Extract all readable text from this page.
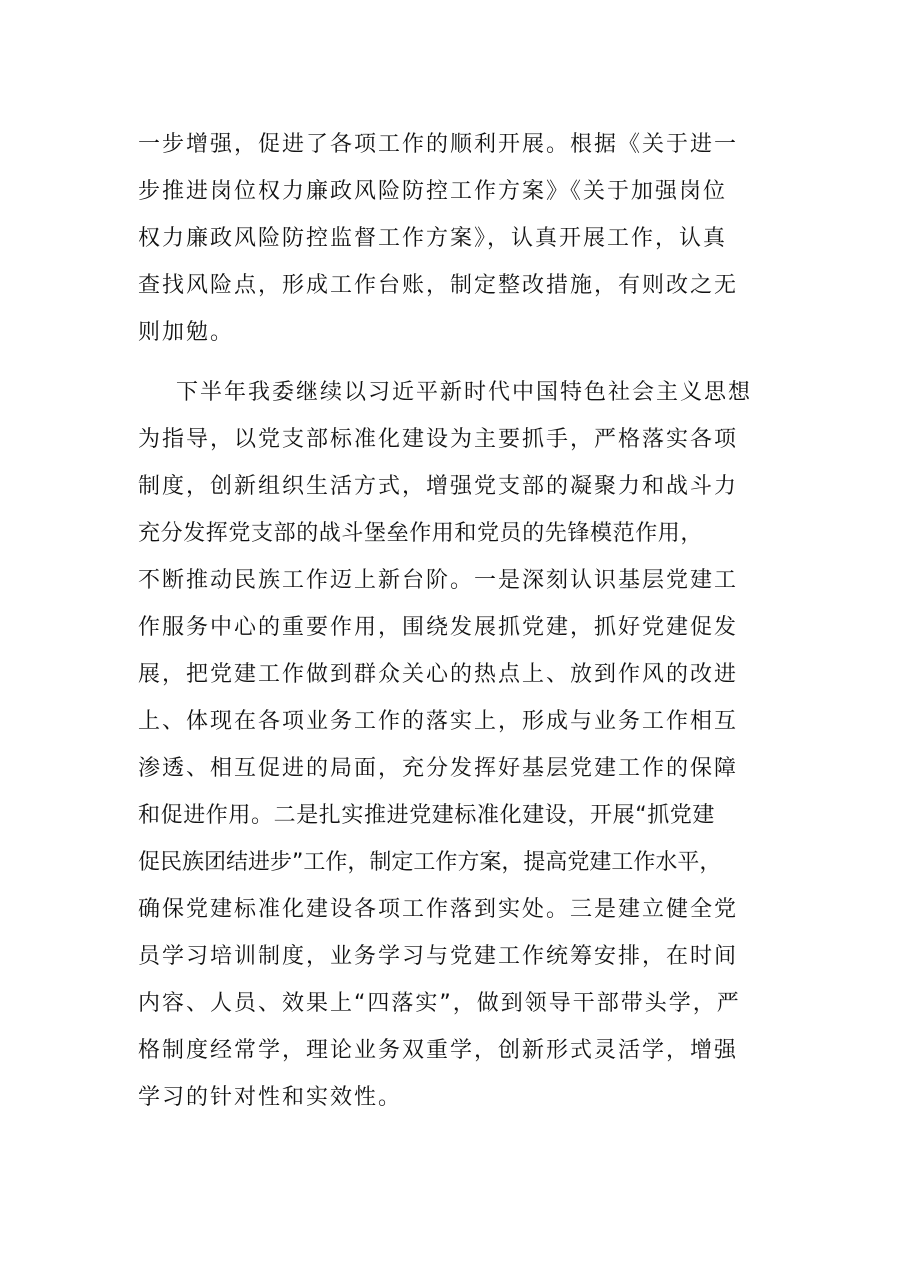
一步增强，促进了各项工作的顺利开展。根据《关于进一
步推进岗位权力廉政风险防控工作方案》《关于加强岗位
权力廉政风险防控监督工作方案》，认真开展工作，认真
查找风险点，形成工作台账，制定整改措施，有则改之无
则加勉。
下半年我委继续以习近平新时代中国特色社会主义思想
为指导，以党支部标准化建设为主要抓手，严格落实各项
制度，创新组织生活方式，增强党支部的凝聚力和战斗力
充分发挥党支部的战斗堡垒作用和党员的先锋模范作用，
不断推动民族工作迈上新台阶。一是深刻认识基层党建工
作服务中心的重要作用，围绕发展抓党建，抓好党建促发
展，把党建工作做到群众关心的热点上、放到作风的改进
上、体现在各项业务工作的落实上，形成与业务工作相互
渗透、相互促进的局面，充分发挥好基层党建工作的保障
和促进作用。二是扎实推进党建标准化建设，开展“抓党建
促民族团结进步”工作，制定工作方案，提高党建工作水平，
确保党建标准化建设各项工作落到实处。三是建立健全党
员学习培训制度，业务学习与党建工作统筹安排，在时间
内容、人员、效果上“四落实”，做到领导干部带头学，严
格制度经常学，理论业务双重学，创新形式灵活学，增强
学习的针对性和实效性。
